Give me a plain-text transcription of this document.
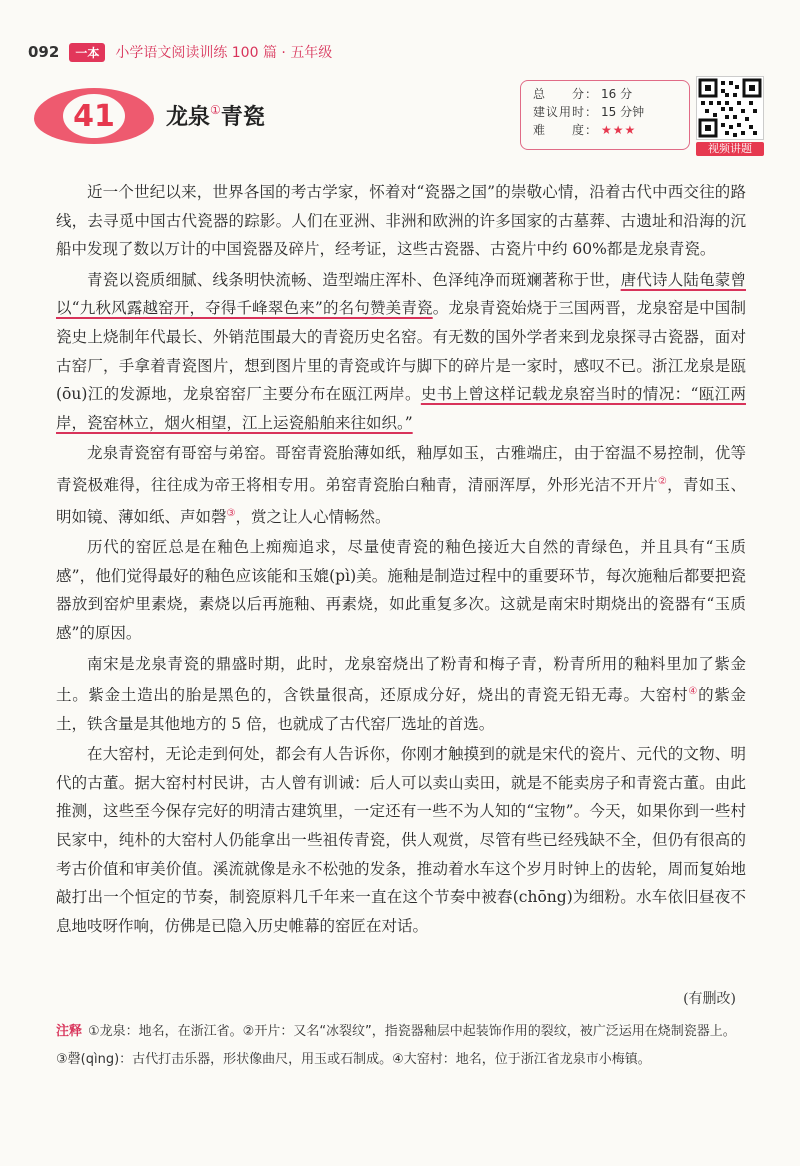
092	一本	小学语文阅读训练 100 篇 · 五年级
41 龙泉①青瓷
总　　分： 16 分
建议用时： 15 分钟
难　　度： ★★★
视频讲题

近一个世纪以来，世界各国的考古学家，怀着对“瓷器之国”的崇敬心情，沿着古代中西交往的路线，去寻觅中国古代瓷器的踪影。人们在亚洲、非洲和欧洲的许多国家的古墓葬、古遗址和沿海的沉船中发现了数以万计的中国瓷器及碎片，经考证，这些古瓷器、古瓷片中约 60%都是龙泉青瓷。

青瓷以瓷质细腻、线条明快流畅、造型端庄浑朴、色泽纯净而斑斓著称于世，唐代诗人陆龟蒙曾以“九秋风露越窑开，夺得千峰翠色来”的名句赞美青瓷。龙泉青瓷始烧于三国两晋，龙泉窑是中国制瓷史上烧制年代最长、外销范围最大的青瓷历史名窑。有无数的国外学者来到龙泉探寻古瓷器，面对古窑厂，手拿着青瓷图片，想到图片里的青瓷或许与脚下的碎片是一家时，感叹不已。浙江龙泉是瓯(ōu)江的发源地，龙泉窑窑厂主要分布在瓯江两岸。史书上曾这样记载龙泉窑当时的情况：“瓯江两岸，瓷窑林立，烟火相望，江上运瓷船舶来往如织。”

龙泉青瓷窑有哥窑与弟窑。哥窑青瓷胎薄如纸，釉厚如玉，古雅端庄，由于窑温不易控制，优等青瓷极难得，往往成为帝王将相专用。弟窑青瓷胎白釉青，清丽浑厚，外形光洁不开片②，青如玉、明如镜、薄如纸、声如磬③，赏之让人心情畅然。

历代的窑匠总是在釉色上痴痴追求，尽量使青瓷的釉色接近大自然的青绿色，并且具有“玉质感”，他们觉得最好的釉色应该能和玉媲(pì)美。施釉是制造过程中的重要环节，每次施釉后都要把瓷器放到窑炉里素烧，素烧以后再施釉、再素烧，如此重复多次。这就是南宋时期烧出的瓷器有“玉质感”的原因。

南宋是龙泉青瓷的鼎盛时期，此时，龙泉窑烧出了粉青和梅子青，粉青所用的釉料里加了紫金土。紫金土造出的胎是黑色的，含铁量很高，还原成分好，烧出的青瓷无铅无毒。大窑村④的紫金土，铁含量是其他地方的 5 倍，也就成了古代窑厂选址的首选。

在大窑村，无论走到何处，都会有人告诉你，你刚才触摸到的就是宋代的瓷片、元代的文物、明代的古董。据大窑村村民讲，古人曾有训诫：后人可以卖山卖田，就是不能卖房子和青瓷古董。由此推测，这些至今保存完好的明清古建筑里，一定还有一些不为人知的“宝物”。今天，如果你到一些村民家中，纯朴的大窑村人仍能拿出一些祖传青瓷，供人观赏，尽管有些已经残缺不全，但仍有很高的考古价值和审美价值。溪流就像是永不松弛的发条，推动着水车这个岁月时钟上的齿轮，周而复始地敲打出一个恒定的节奏，制瓷原料几千年来一直在这个节奏中被舂(chōng)为细粉。水车依旧昼夜不息地吱呀作响，仿佛是已隐入历史帷幕的窑匠在对话。

(有删改)
注释 ①龙泉：地名，在浙江省。②开片：又名“冰裂纹”，指瓷器釉层中起装饰作用的裂纹，被广泛运用在烧制瓷器上。③磬(qìng)：古代打击乐器，形状像曲尺，用玉或石制成。④大窑村：地名，位于浙江省龙泉市小梅镇。
